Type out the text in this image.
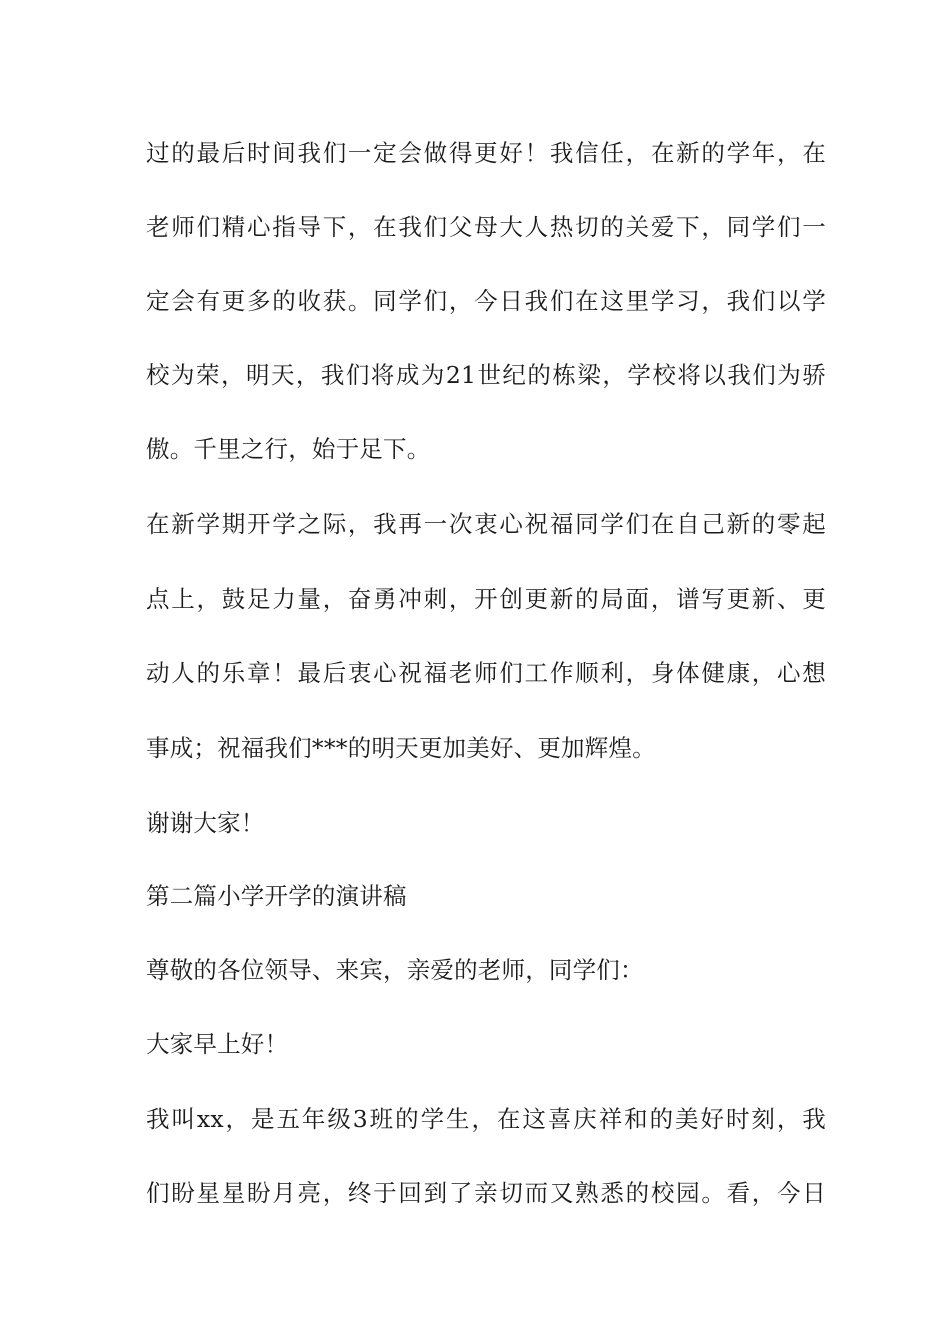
过的最后时间我们一定会做得更好！我信任，在新的学年，在
老师们精心指导下，在我们父母大人热切的关爱下，同学们一
定会有更多的收获。同学们，今日我们在这里学习，我们以学
校为荣，明天，我们将成为21世纪的栋梁，学校将以我们为骄
傲。千里之行，始于足下。
在新学期开学之际，我再一次衷心祝福同学们在自己新的零起
点上，鼓足力量，奋勇冲刺，开创更新的局面，谱写更新、更
动人的乐章！最后衷心祝福老师们工作顺利，身体健康，心想
事成；祝福我们***的明天更加美好、更加辉煌。
谢谢大家！
第二篇小学开学的演讲稿
尊敬的各位领导、来宾，亲爱的老师，同学们：
大家早上好！
我叫xx，是五年级3班的学生，在这喜庆祥和的美好时刻，我
们盼星星盼月亮，终于回到了亲切而又熟悉的校园。看，今日
